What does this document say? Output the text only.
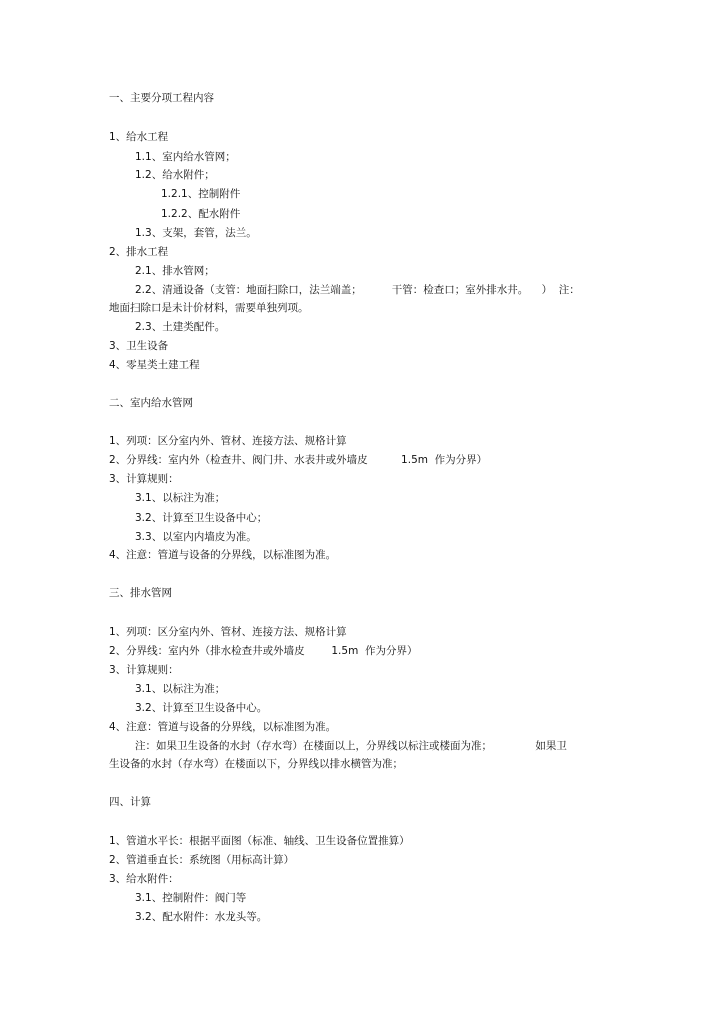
一、主要分项工程内容
1、给水工程
1.1、室内给水管网；
1.2、给水附件；
1.2.1、控制附件
1.2.2、配水附件
1.3、支架，套管，法兰。
2、排水工程
2.1、排水管网；
2.2、清通设备（支管：地面扫除口，法兰端盖；         干管：检查口；室外排水井。    ）  注：
地面扫除口是未计价材料，需要单独列项。
2.3、土建类配件。
3、卫生设备
4、零星类土建工程
二、室内给水管网
1、列项：区分室内外、管材、连接方法、规格计算
2、分界线：室内外（检查井、阀门井、水表井或外墙皮          1.5m  作为分界）
3、计算规则：
3.1、以标注为准；
3.2、计算至卫生设备中心；
3.3、以室内内墙皮为准。
4、注意：管道与设备的分界线，以标准图为准。
三、排水管网
1、列项：区分室内外、管材、连接方法、规格计算
2、分界线：室内外（排水检查井或外墙皮        1.5m  作为分界）
3、计算规则：
3.1、以标注为准；
3.2、计算至卫生设备中心。
4、注意：管道与设备的分界线，以标准图为准。
注：如果卫生设备的水封（存水弯）在楼面以上，分界线以标注或楼面为准；             如果卫
生设备的水封（存水弯）在楼面以下，分界线以排水横管为准；
四、计算
1、管道水平长：根据平面图（标准、轴线、卫生设备位置推算）
2、管道垂直长：系统图（用标高计算）
3、给水附件：
3.1、控制附件：阀门等
3.2、配水附件：水龙头等。
